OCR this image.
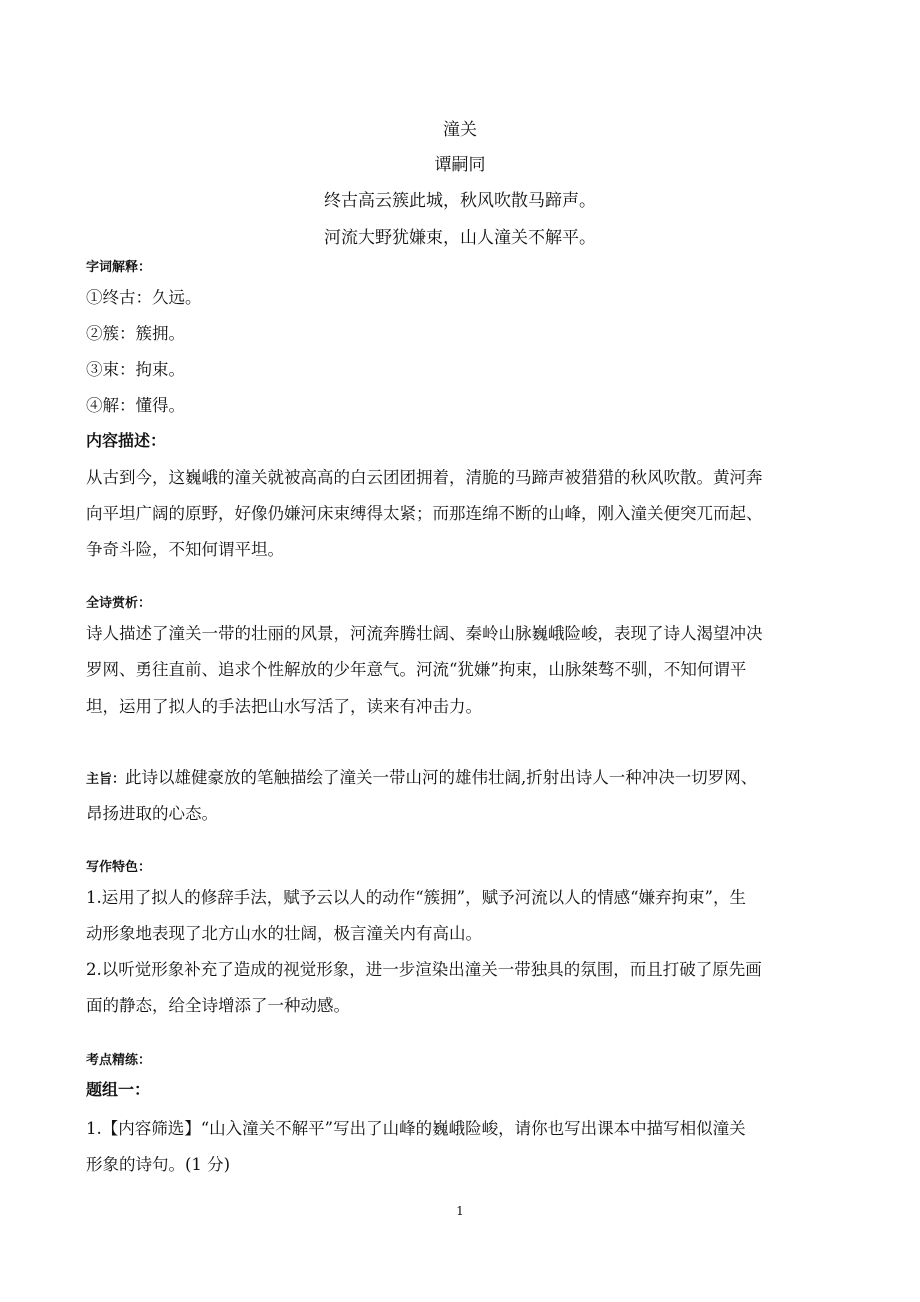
潼关
谭嗣同
终古高云簇此城，秋风吹散马蹄声。
河流大野犹嫌束，山人潼关不解平。
字词解释：
①终古：久远。
②簇：簇拥。
③束：拘束。
④解：懂得。
内容描述：
从古到今，这巍峨的潼关就被高高的白云团团拥着，清脆的马蹄声被猎猎的秋风吹散。黄河奔
向平坦广阔的原野，好像仍嫌河床束缚得太紧；而那连绵不断的山峰，刚入潼关便突兀而起、
争奇斗险，不知何谓平坦。
全诗赏析：
诗人描述了潼关一带的壮丽的风景，河流奔腾壮阔、秦岭山脉巍峨险峻，表现了诗人渴望冲决
罗网、勇往直前、追求个性解放的少年意气。河流“犹嫌”拘束，山脉桀骜不驯，不知何谓平
坦，运用了拟人的手法把山水写活了，读来有冲击力。
主旨：此诗以雄健豪放的笔触描绘了潼关一带山河的雄伟壮阔,折射出诗人一种冲决一切罗网、
昂扬进取的心态。
写作特色：
1.运用了拟人的修辞手法，赋予云以人的动作“簇拥”，赋予河流以人的情感“嫌弃拘束”，生
动形象地表现了北方山水的壮阔，极言潼关内有高山。
2.以听觉形象补充了造成的视觉形象，进一步渲染出潼关一带独具的氛围，而且打破了原先画
面的静态，给全诗增添了一种动感。
考点精练：
题组一：
1.【内容筛选】“山入潼关不解平”写出了山峰的巍峨险峻，请你也写出课本中描写相似潼关
形象的诗句。(1 分)
1
